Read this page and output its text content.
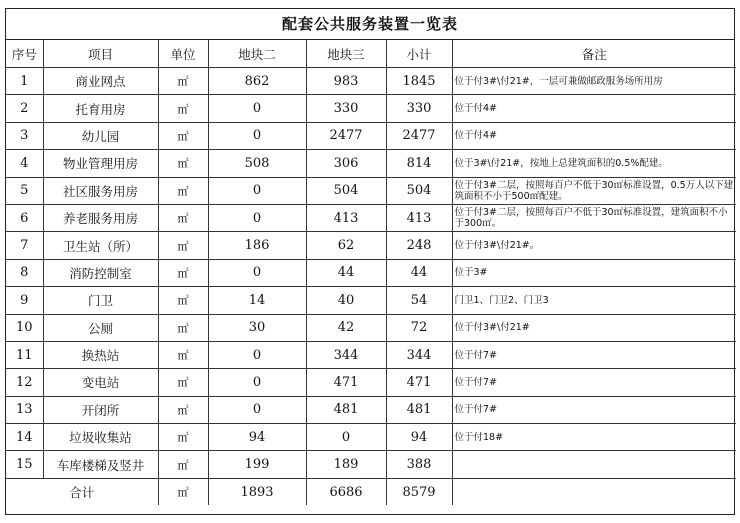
配套公共服务装置一览表
序号	项目	单位	地块二	地块三	小计	备注
1	商业网点	㎡	862	983	1845	位于付3#\付21#，一层可兼做邮政服务场所用房
2	托育用房	㎡	0	330	330	位于付4#
3	幼儿园	㎡	0	2477	2477	位于付4#
4	物业管理用房	㎡	508	306	814	位于3#\付21#，按地上总建筑面积的0.5%配建。
5	社区服务用房	㎡	0	504	504	位于付3#二层，按照每百户不低于30㎡标准设置，0.5万人以下建筑面积不小于500㎡配建。
6	养老服务用房	㎡	0	413	413	位于付3#二层，按照每百户不低于30㎡标准设置，建筑面积不小于300㎡。
7	卫生站（所）	㎡	186	62	248	位于付3#\付21#。
8	消防控制室	㎡	0	44	44	位于3#
9	门卫	㎡	14	40	54	门卫1、门卫2、门卫3
10	公厕	㎡	30	42	72	位于付3#\付21#
11	换热站	㎡	0	344	344	位于付7#
12	变电站	㎡	0	471	471	位于付7#
13	开闭所	㎡	0	481	481	位于付7#
14	垃圾收集站	㎡	94	0	94	位于付18#
15	车库楼梯及竖井	㎡	199	189	388	
合计		㎡	1893	6686	8579	
